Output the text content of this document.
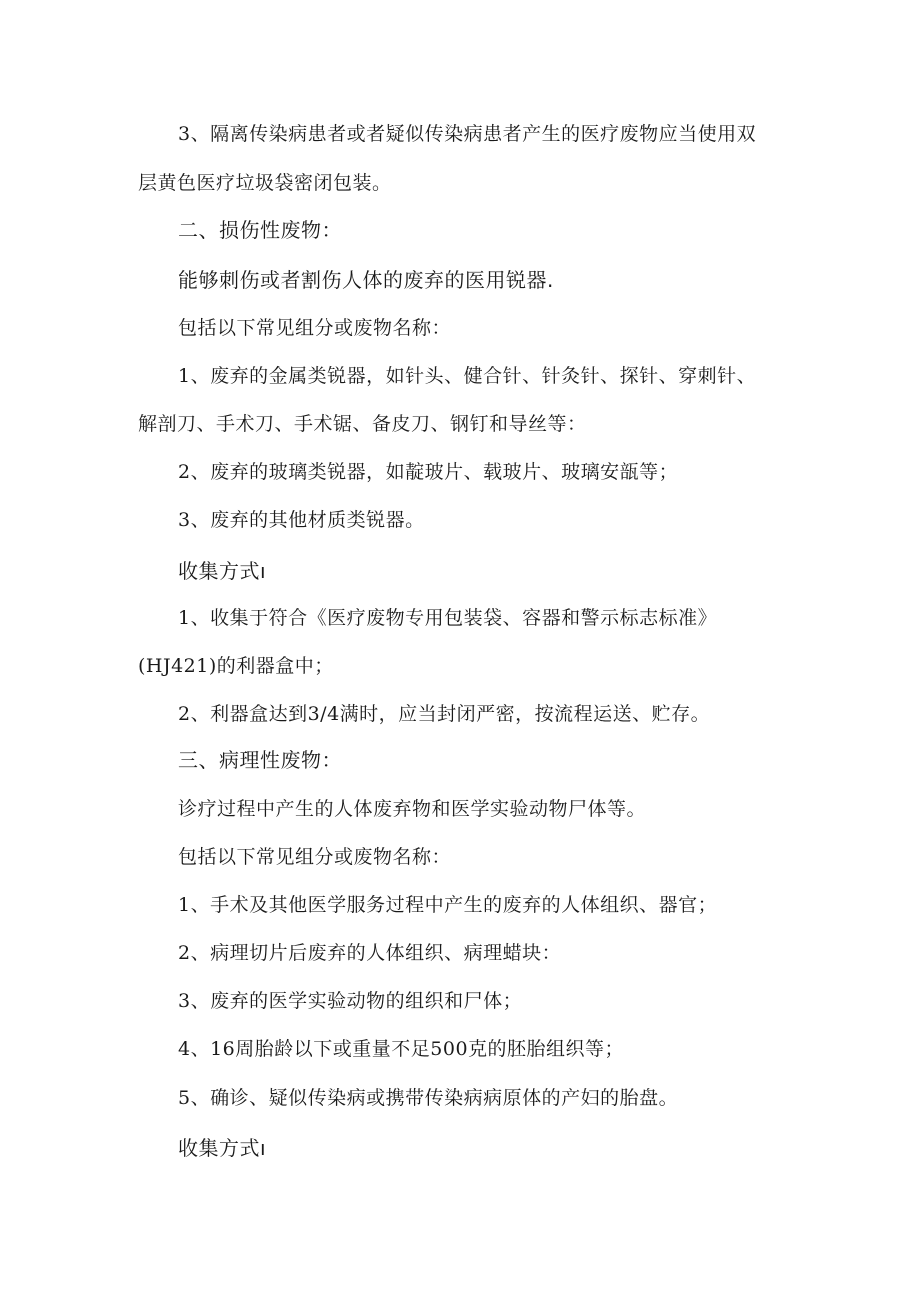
3、隔离传染病患者或者疑似传染病患者产生的医疗废物应当使用双
层黄色医疗垃圾袋密闭包装。
二、损伤性废物：
能够刺伤或者割伤人体的废弃的医用锐器.
包括以下常见组分或废物名称：
1、废弃的金属类锐器，如针头、健合针、针灸针、探针、穿刺针、
解剖刀、手术刀、手术锯、备皮刀、钢钉和导丝等：
2、废弃的玻璃类锐器，如靛玻片、载玻片、玻璃安瓿等；
3、废弃的其他材质类锐器。
收集方式ı
1、收集于符合《医疗废物专用包装袋、容器和警示标志标准》
(HJ421)的利器盒中；
2、利器盒达到3/4满时，应当封闭严密，按流程运送、贮存。
三、病理性废物：
诊疗过程中产生的人体废弃物和医学实验动物尸体等。
包括以下常见组分或废物名称：
1、手术及其他医学服务过程中产生的废弃的人体组织、器官；
2、病理切片后废弃的人体组织、病理蜡块：
3、废弃的医学实验动物的组织和尸体；
4、16周胎龄以下或重量不足500克的胚胎组织等；
5、确诊、疑似传染病或携带传染病病原体的产妇的胎盘。
收集方式ı
